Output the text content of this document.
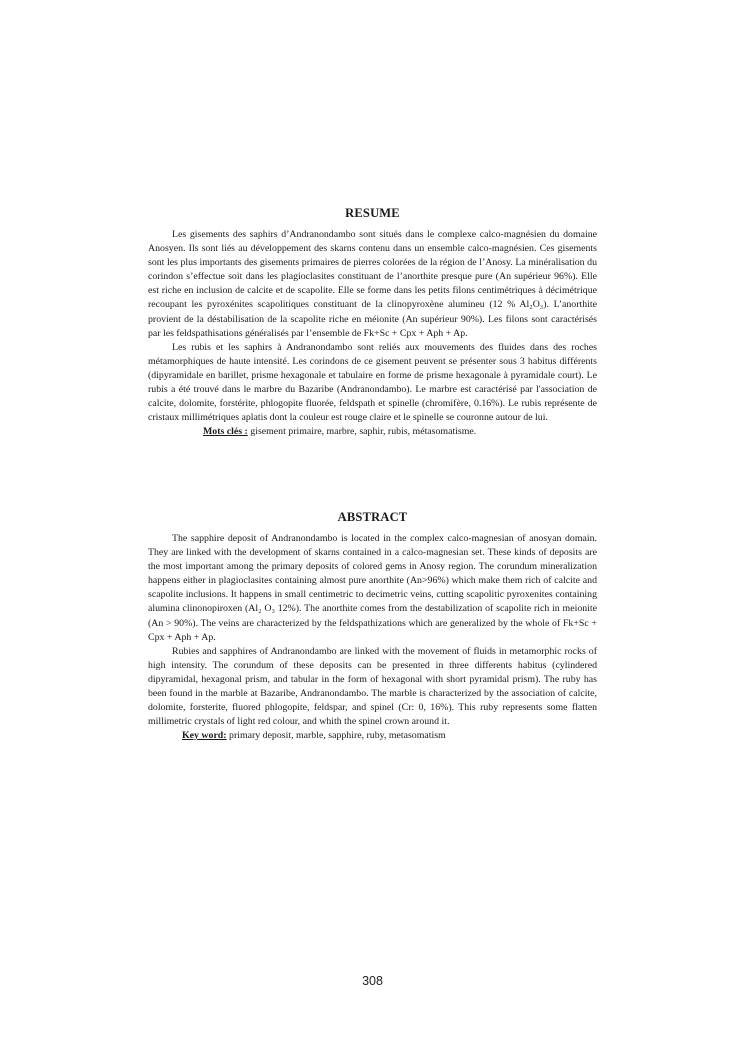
RESUME

Les gisements des saphirs d’Andranondambo sont situés dans le complexe calco-magnésien du domaine Anosyen. Ils sont liés au développement des skarns contenu dans un ensemble calco-magnésien. Ces gisements sont les plus importants des gisements primaires de pierres colorées de la région de l’Anosy. La minéralisation du corindon s’effectue soit dans les plagioclasites constituant de l’anorthite presque pure (An supérieur 96%). Elle est riche en inclusion de calcite et de scapolite. Elle se forme dans les petits filons centimétriques à décimétrique recoupant les pyroxénites scapolitiques constituant de la clinopyroxène alumineu (12 % Al₂O₃). L’anorthite provient de la déstabilisation de la scapolite riche en méionite (An supérieur 90%). Les filons sont caractérisés par les feldspathisations généralisés par l’ensemble de Fk+Sc + Cpx + Aph + Ap.

Les rubis et les saphirs à Andranondambo sont reliés aux mouvements des fluides dans des roches métamorphiques de haute intensité. Les corindons de ce gisement peuvent se présenter sous 3 habitus différents (dipyramidale en barillet, prisme hexagonale et tabulaire en forme de prisme hexagonale à pyramidale court). Le rubis a été trouvé dans le marbre du Bazaribe (Andranondambo). Le marbre est caractérisé par l'association de calcite, dolomite, forstérite, phlogopite fluorée, feldspath et spinelle (chromifère, 0.16%). Le rubis représente de cristaux millimétriques aplatis dont la couleur est rouge claire et le spinelle se couronne autour de lui.

Mots clés : gisement primaire, marbre, saphir, rubis, métasomatisme.

ABSTRACT

The sapphire deposit of Andranondambo is located in the complex calco-magnesian of anosyan domain. They are linked with the development of skarns contained in a calco-magnesian set. These kinds of deposits are the most important among the primary deposits of colored gems in Anosy region. The corundum mineralization happens either in plagioclasites containing almost pure anorthite (An>96%) which make them rich of calcite and scapolite inclusions. It happens in small centimetric to decimetric veins, cutting scapolitic pyroxenites containing alumina clinonopiroxen (Al₂ O₃ 12%). The anorthite comes from the destabilization of scapolite rich in meionite (An > 90%). The veins are characterized by the feldspathizations which are generalized by the whole of Fk+Sc + Cpx + Aph + Ap.

Rubies and sapphires of Andranondambo are linked with the movement of fluids in metamorphic rocks of high intensity. The corundum of these deposits can be presented in three differents habitus (cylindered dipyramidal, hexagonal prism, and tabular in the form of hexagonal with short pyramidal prism). The ruby has been found in the marble at Bazaribe, Andranondambo. The marble is characterized by the association of calcite, dolomite, forsterite, fluored phlogopite, feldspar, and spinel (Cr: 0, 16%). This ruby represents some flatten millimetric crystals of light red colour, and whith the spinel crown around it.

Key word: primary deposit, marble, sapphire, ruby, metasomatism

308
